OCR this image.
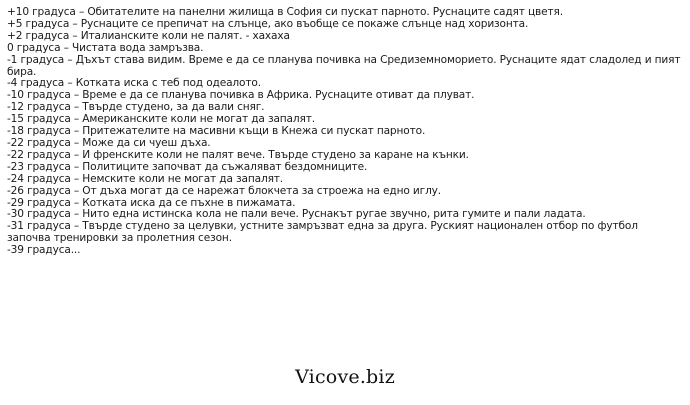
+10 градуса – Обитателите на панелни жилища в София си пускат парното. Руснаците садят цветя.

+5 градуса – Руснаците се препичат на слънце, ако въобще се покаже слънце над хоризонта.

+2 градуса – Италианските коли не палят. - хахаха

0 градуса – Чистата вода замръзва.

-1 градуса – Дъхът става видим. Време е да се планува почивка на Средиземноморието. Руснаците ядат сладолед и пият бира.

-4 градуса – Котката иска с теб под одеалото.

-10 градуса – Време е да се планува почивка в Африка. Руснаците отиват да плуват.

-12 градуса – Твърде студено, за да вали сняг.

-15 градуса – Американските коли не могат да запалят.

-18 градуса – Притежателите на масивни къщи в Кнежа си пускат парното.

-22 градуса – Може да си чуеш дъха.

-22 градуса – И френските коли не палят вече. Твърде студено за каране на кънки.

-23 градуса – Политиците започват да съжаляват бездомниците.

-24 градуса – Немските коли не могат да запалят.

-26 градуса – От дъха могат да се нарежат блокчета за строежа на едно иглу.

-29 градуса – Котката иска да се пъхне в пижамата.

-30 градуса – Нито една истинска кола не пали вече. Руснакът ругае звучно, рита гумите и пали ладата.

-31 градуса – Твърде студено за целувки, устните замръзват една за друга. Руският национален отбор по футбол започва тренировки за пролетния сезон.

-39 градуса...

Vicove.biz
